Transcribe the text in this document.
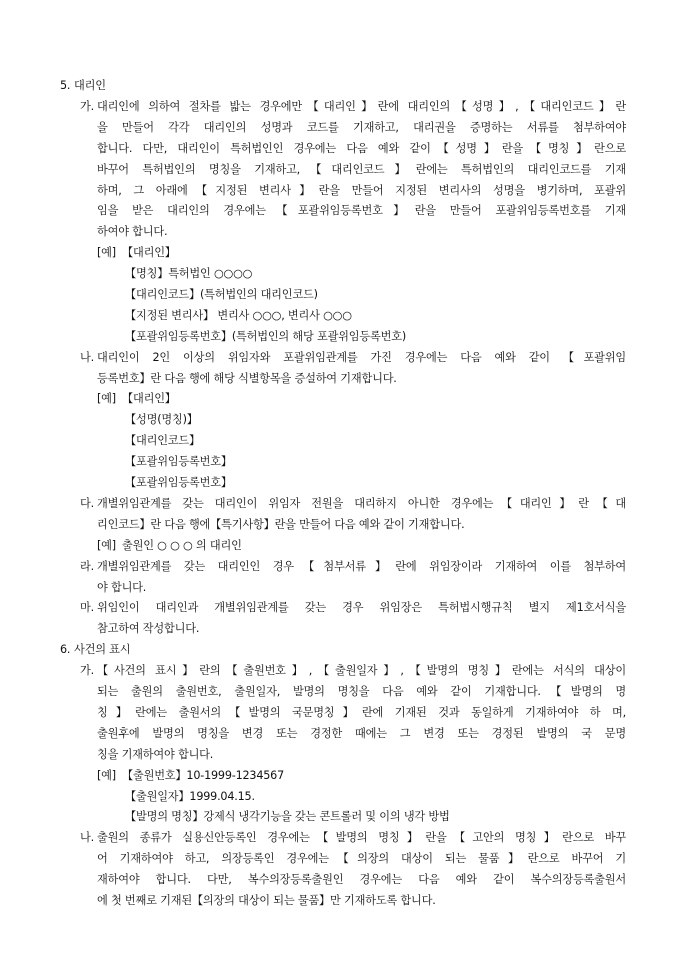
5. 대리인
가. 대리인에 의하여 절차를 밟는 경우에만【대리인】란에 대리인의【성명】,【대리인코드】란
을 만들어 각각 대리인의 성명과 코드를 기재하고, 대리권을 증명하는 서류를 첨부하여야
합니다. 다만, 대리인이 특허법인인 경우에는 다음 예와 같이【성명】란을【명칭】란으로
바꾸어 특허법인의 명칭을 기재하고,【대리인코드】란에는 특허법인의 대리인코드를 기재
하며, 그 아래에【지정된 변리사】란을 만들어 지정된 변리사의 성명을 병기하며, 포괄위
임을 받은 대리인의 경우에는【포괄위임등록번호】란을 만들어 포괄위임등록번호를 기재
하여야 합니다.
[예] 【대리인】
【명칭】특허법인 ○○○○
【대리인코드】(특허법인의 대리인코드)
【지정된 변리사】 변리사 ○○○, 변리사 ○○○
【포괄위임등록번호】(특허법인의 해당 포괄위임등록번호)
나. 대리인이 2인 이상의 위임자와 포괄위임관계를 가진 경우에는 다음 예와 같이 【포괄위임
등록번호】란 다음 행에 해당 식별항목을 증설하여 기재합니다.
[예] 【대리인】
【성명(명칭)】
【대리인코드】
【포괄위임등록번호】
【포괄위임등록번호】
다. 개별위임관계를 갖는 대리인이 위임자 전원을 대리하지 아니한 경우에는【대리인】란【대
리인코드】란 다음 행에【특기사항】란을 만들어 다음 예와 같이 기재합니다.
[예] 출원인 ○ ○ ○ 의 대리인
라. 개별위임관계를 갖는 대리인인 경우【첨부서류】란에 위임장이라 기재하여 이를 첨부하여
야 합니다.
마. 위임인이 대리인과 개별위임관계를 갖는 경우 위임장은 특허법시행규칙 별지 제1호서식을
참고하여 작성합니다.
6. 사건의 표시
가. 【사건의 표시】란의【출원번호】,【출원일자】,【발명의 명칭】란에는 서식의 대상이
되는 출원의 출원번호, 출원일자, 발명의 명칭을 다음 예와 같이 기재합니다.【발명의 명
칭】란에는 출원서의【발명의 국문명칭】란에 기재된 것과 동일하게 기재하여야 하 며,
출원후에 발명의 명칭을 변경 또는 경정한 때에는 그 변경 또는 경정된 발명의 국 문명
칭을 기재하여야 합니다.
[예] 【출원번호】10-1999-1234567
【출원일자】1999.04.15.
【발명의 명칭】강제식 냉각기능을 갖는 콘트롤러 및 이의 냉각 방법
나. 출원의 종류가 실용신안등록인 경우에는【발명의 명칭】란을【고안의 명칭】란으로 바꾸
어 기재하여야 하고, 의장등록인 경우에는【의장의 대상이 되는 물품】란으로 바꾸어 기
재하여야 합니다. 다만, 복수의장등록출원인 경우에는 다음 예와 같이 복수의장등록출원서
에 첫 번째로 기재된【의장의 대상이 되는 물품】만 기재하도록 합니다.
